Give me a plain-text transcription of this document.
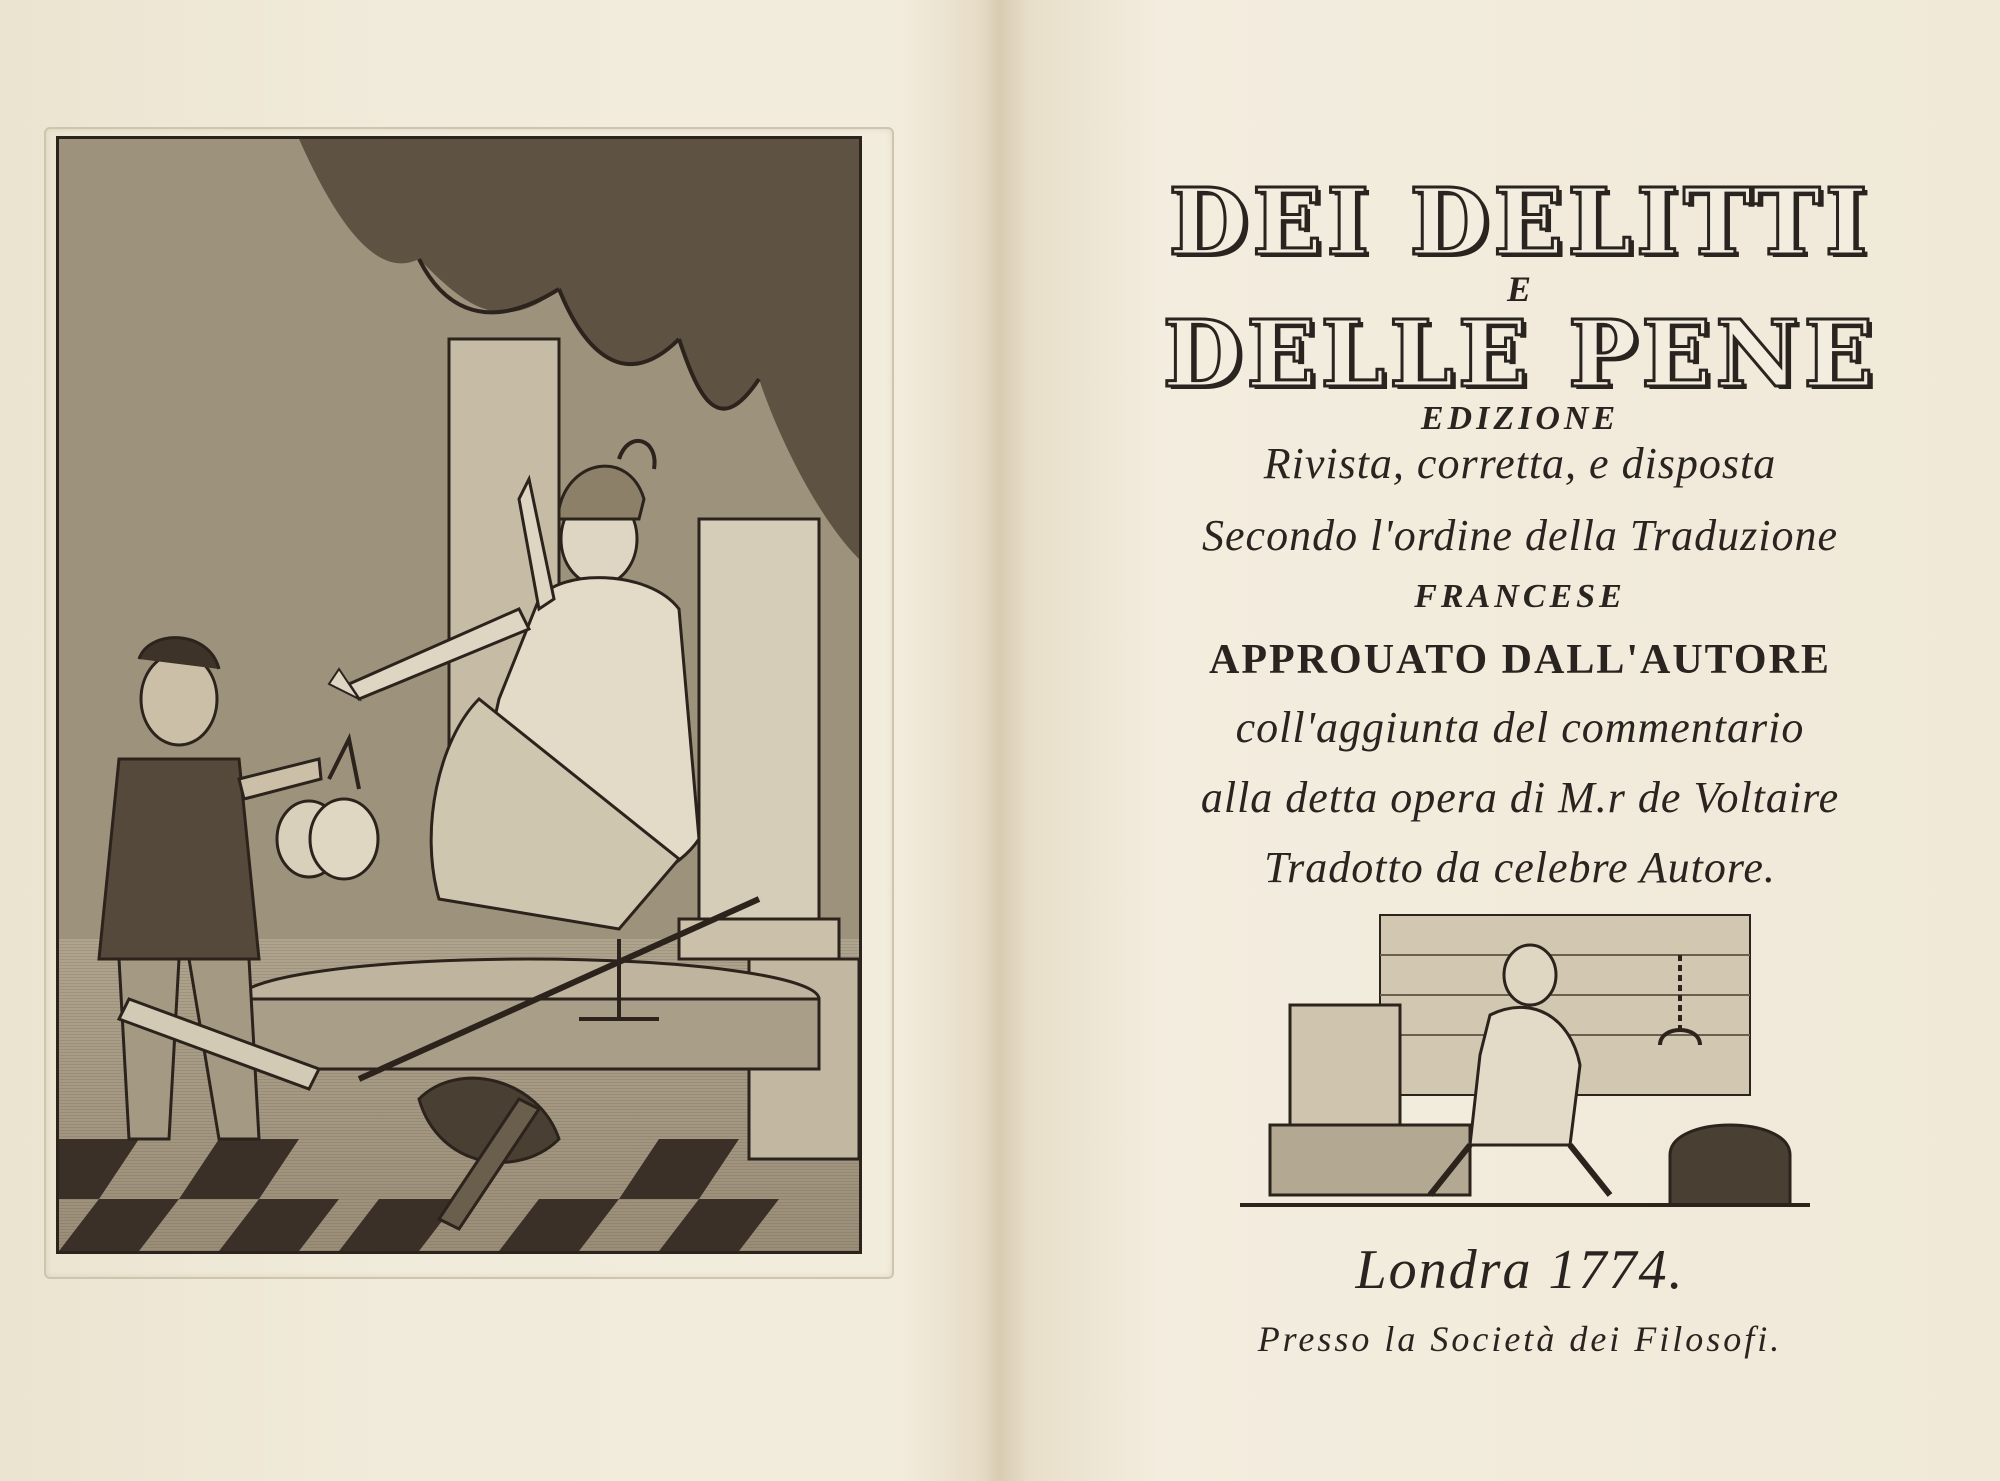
DEI DELITTI
E
DELLE PENE
EDIZIONE
Rivista, corretta, e disposta
Secondo l'ordine della Traduzione
FRANCESE
APPROUATO DALL'AUTORE
coll'aggiunta del commentario
alla detta opera di M.r de Voltaire
Tradotto da celebre Autore.
Londra 1774.
Presso la Società dei Filosofi.
